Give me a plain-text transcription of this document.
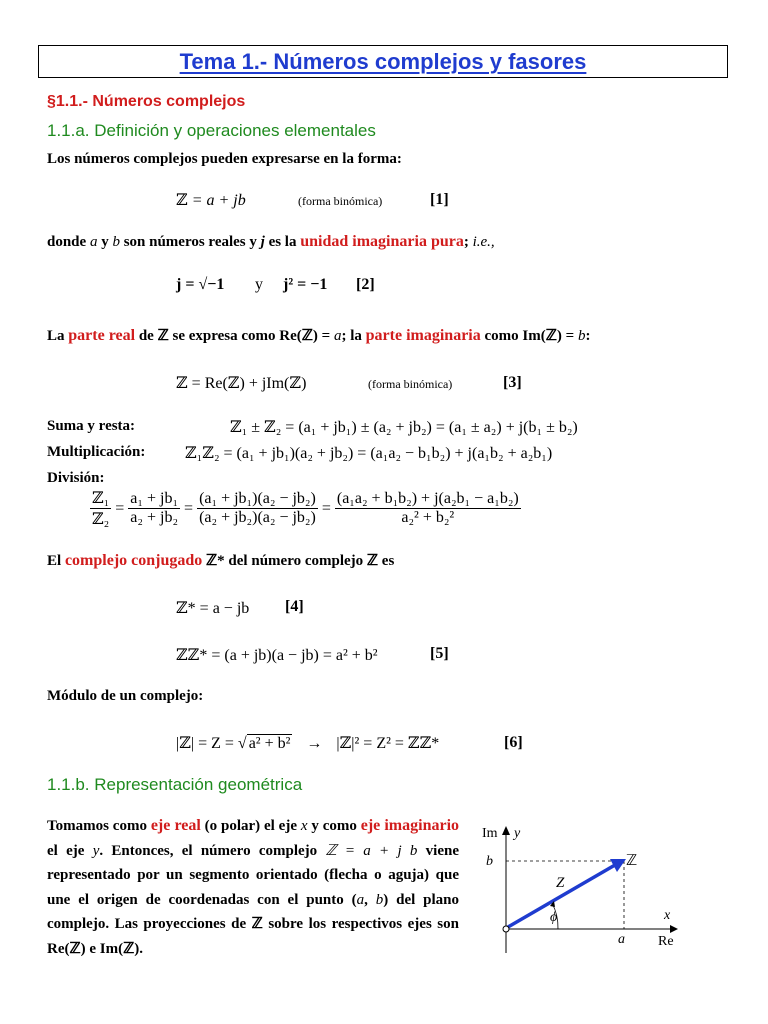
Tema 1.- Números complejos y fasores
§1.1.- Números complejos
1.1.a. Definición y operaciones elementales
Los números complejos pueden expresarse en la forma:
ℤ = a + jb	(forma binómica)	[1]
donde a y b son números reales y j es la unidad imaginaria pura; i.e.,
j = √−1 y j² = −1 [2]
La parte real de ℤ se expresa como Re(ℤ) = a; la parte imaginaria como Im(ℤ) = b:
ℤ = Re(ℤ) + jIm(ℤ)	(forma binómica)	[3]
Suma y resta:	ℤ₁ ± ℤ₂ = (a₁ + jb₁) ± (a₂ + jb₂) = (a₁ ± a₂) + j(b₁ ± b₂)
Multiplicación: ℤ₁ℤ₂ = (a₁ + jb₁)(a₂ + jb₂) = (a₁a₂ − b₁b₂) + j(a₁b₂ + a₂b₁)
División:
$\frac{\text{ℤ₁}}{\text{ℤ₂}} = \frac{\text{a₁ + jb₁}}{\text{a₂ + jb₂}} = \frac{\text{(a₁ + jb₁)(a₂ − jb₂)}}{\text{(a₂ + jb₂)(a₂ − jb₂)}} = \frac{\text{(a₁a₂ + b₁b₂) + j(a₂b₁ − a₁b₂)}}{\text{a₂² + b₂²}}$
El complejo conjugado ℤ* del número complejo ℤ es
ℤ* = a − jb [4]
ℤℤ* = (a + jb)(a − jb) = a² + b²	[5]
Módulo de un complejo:
|ℤ| = Z = √ a² + b² → |ℤ|² = Z² = ℤℤ*	[6]
1.1.b. Representación geométrica
Tomamos como eje real (o polar) el eje x y como eje imaginario el eje y. Entonces, el número complejo ℤ = a + j b viene representado por un segmento orientado (flecha o aguja) que une el origen de coordenadas con el punto (a, b) del plano complejo. Las proyecciones de ℤ sobre los respectivos ejes son Re(ℤ) e Im(ℤ).
Im y
b	ℤ
Z
ϕ	x
a Re
